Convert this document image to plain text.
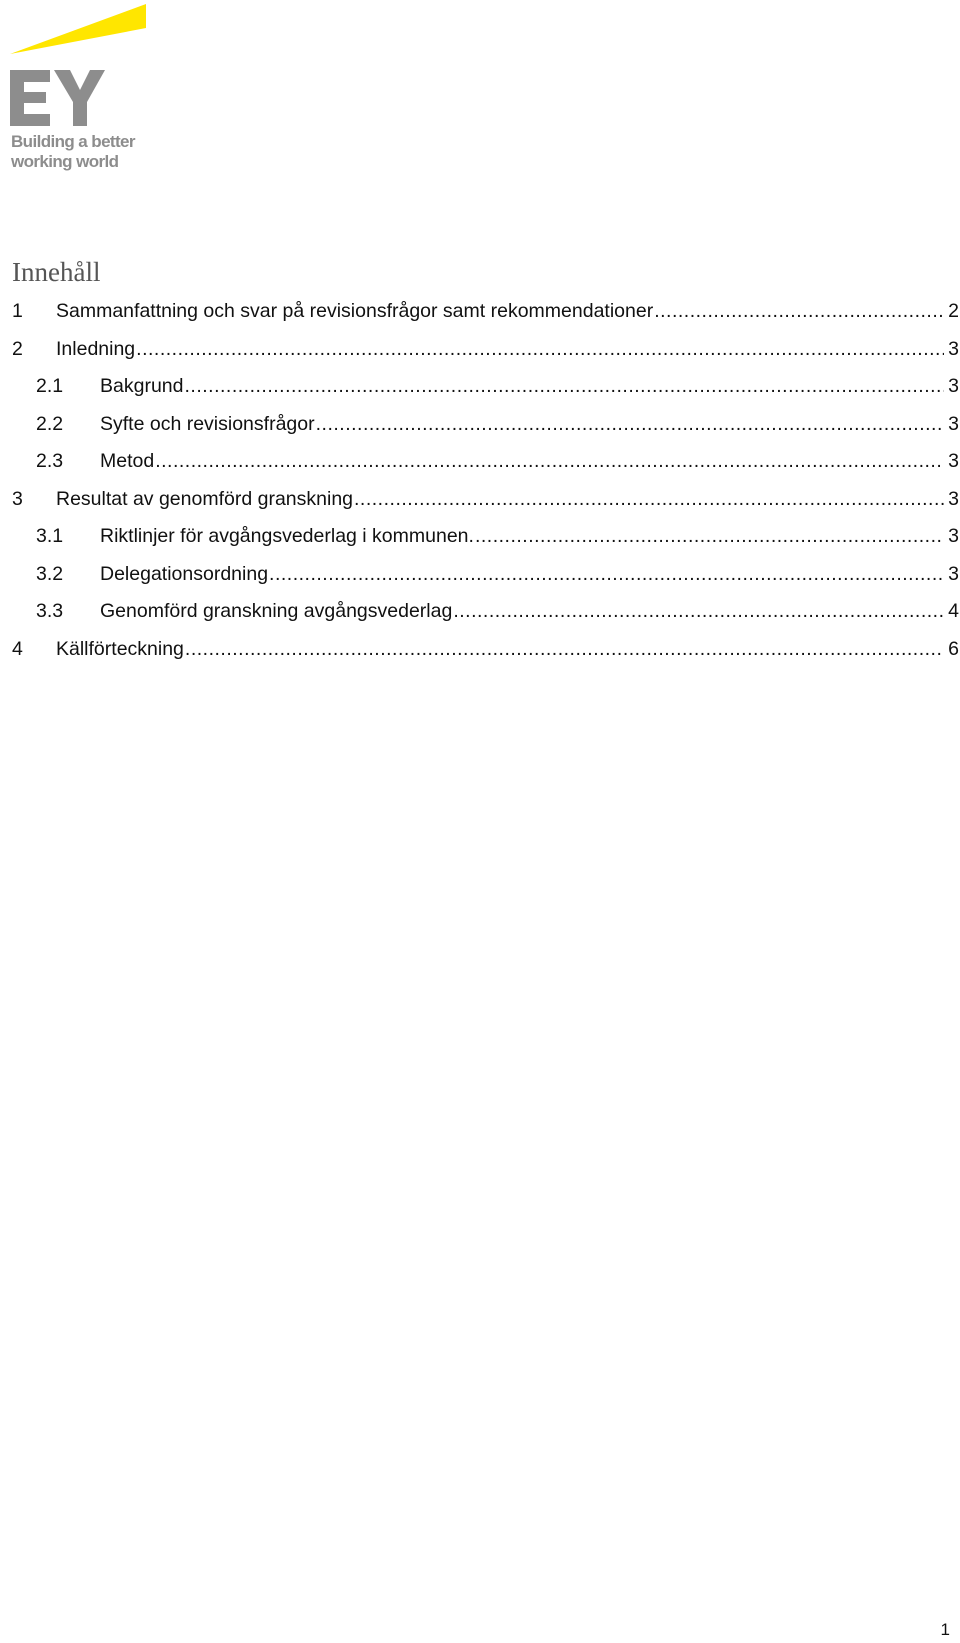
Building a better
working world
Innehåll
1	Sammanfattning och svar på revisionsfrågor samt rekommendationer .....	2
2	Inledning .....	3
2.1	Bakgrund .....	3
2.2	Syfte och revisionsfrågor .....	3
2.3	Metod .....	3
3	Resultat av genomförd granskning .....	3
3.1	Riktlinjer för avgångsvederlag i kommunen. .....	3
3.2	Delegationsordning .....	3
3.3	Genomförd granskning avgångsvederlag .....	4
4	Källförteckning .....	6
1
